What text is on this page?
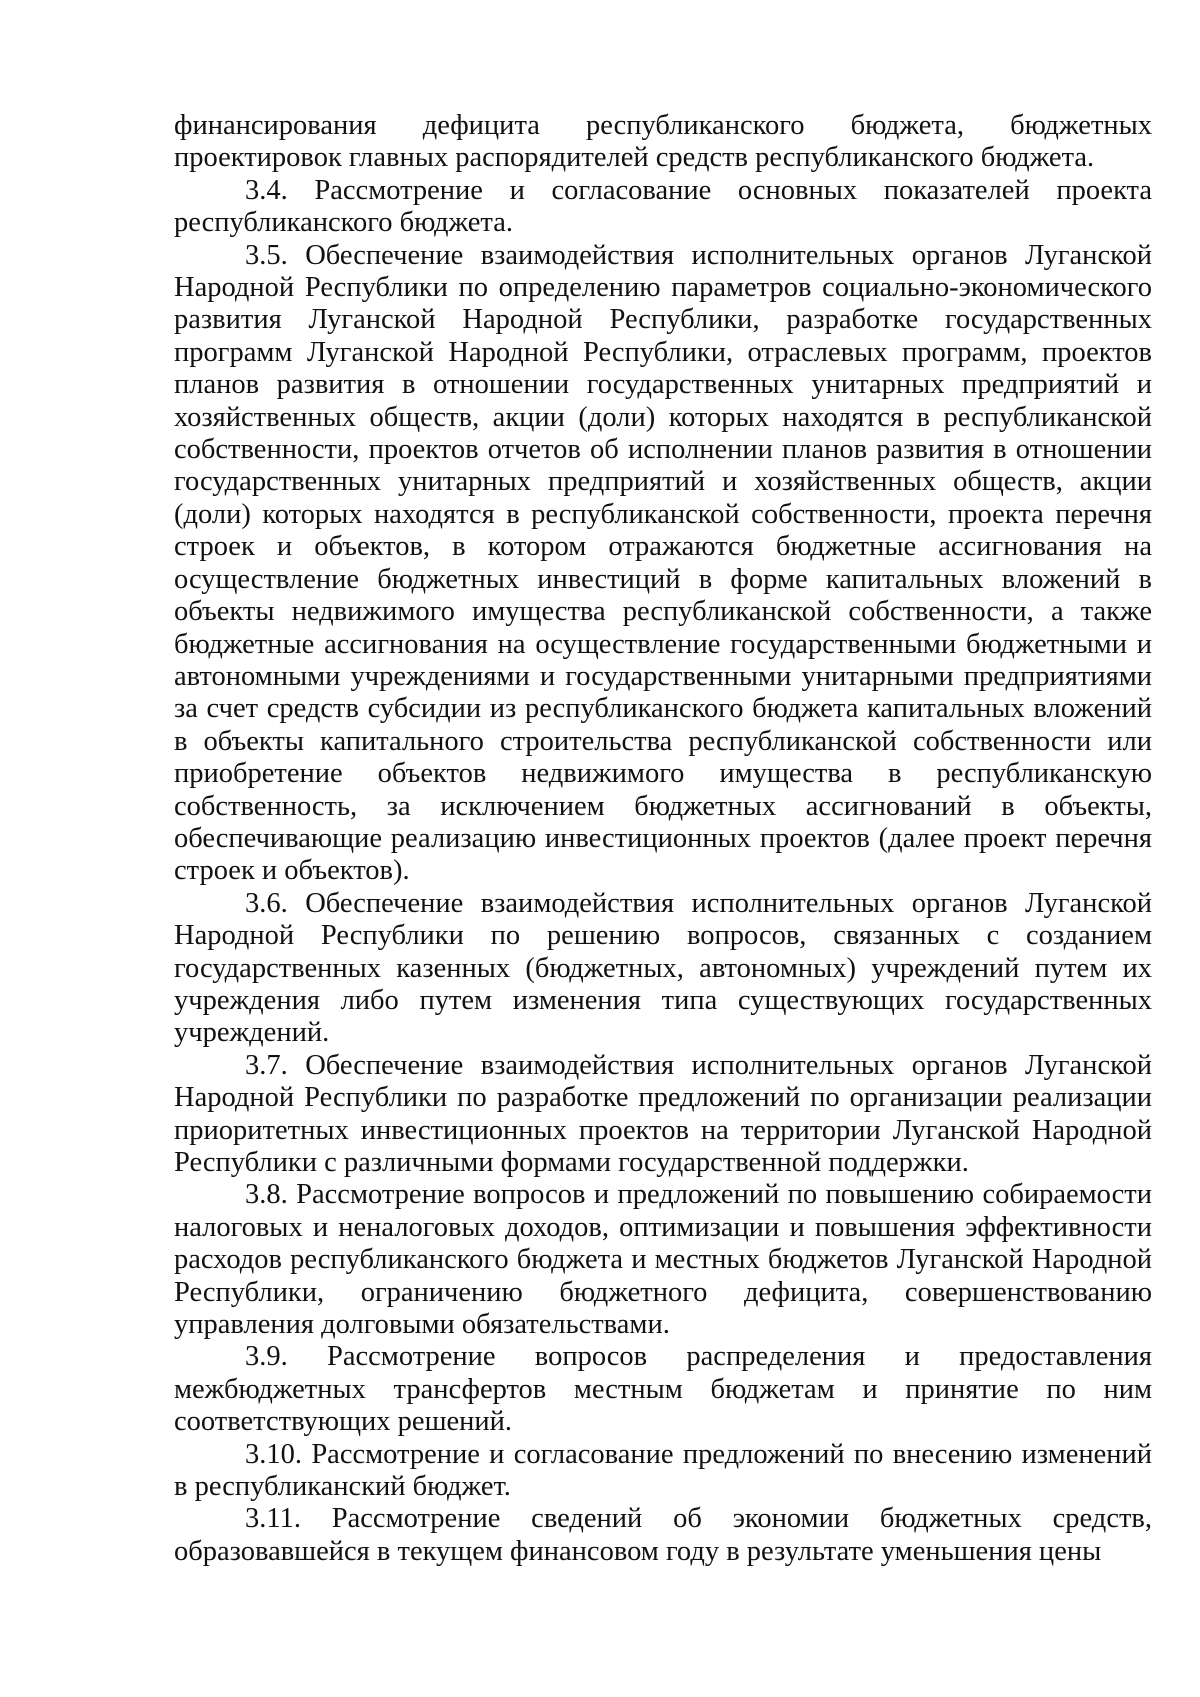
финансирования дефицита республиканского бюджета, бюджетных проектировок главных распорядителей средств республиканского бюджета.

3.4. Рассмотрение и согласование основных показателей проекта республиканского бюджета.

3.5. Обеспечение взаимодействия исполнительных органов Луганской Народной Республики по определению параметров социально-экономического развития Луганской Народной Республики, разработке государственных программ Луганской Народной Республики, отраслевых программ, проектов планов развития в отношении государственных унитарных предприятий и хозяйственных обществ, акции (доли) которых находятся в республиканской собственности, проектов отчетов об исполнении планов развития в отношении государственных унитарных предприятий и хозяйственных обществ, акции (доли) которых находятся в республиканской собственности, проекта перечня строек и объектов, в котором отражаются бюджетные ассигнования на осуществление бюджетных инвестиций в форме капитальных вложений в объекты недвижимого имущества республиканской собственности, а также бюджетные ассигнования на осуществление государственными бюджетными и автономными учреждениями и государственными унитарными предприятиями за счет средств субсидии из республиканского бюджета капитальных вложений в объекты капитального строительства республиканской собственности или приобретение объектов недвижимого имущества в республиканскую собственность, за исключением бюджетных ассигнований в объекты, обеспечивающие реализацию инвестиционных проектов (далее проект перечня строек и объектов).

3.6. Обеспечение взаимодействия исполнительных органов Луганской Народной Республики по решению вопросов, связанных с созданием государственных казенных (бюджетных, автономных) учреждений путем их учреждения либо путем изменения типа существующих государственных учреждений.

3.7. Обеспечение взаимодействия исполнительных органов Луганской Народной Республики по разработке предложений по организации реализации приоритетных инвестиционных проектов на территории Луганской Народной Республики с различными формами государственной поддержки.

3.8. Рассмотрение вопросов и предложений по повышению собираемости налоговых и неналоговых доходов, оптимизации и повышения эффективности расходов республиканского бюджета и местных бюджетов Луганской Народной Республики, ограничению бюджетного дефицита, совершенствованию управления долговыми обязательствами.

3.9. Рассмотрение вопросов распределения и предоставления межбюджетных трансфертов местным бюджетам и принятие по ним соответствующих решений.

3.10. Рассмотрение и согласование предложений по внесению изменений в республиканский бюджет.

3.11. Рассмотрение сведений об экономии бюджетных средств, образовавшейся в текущем финансовом году в результате уменьшения цены
